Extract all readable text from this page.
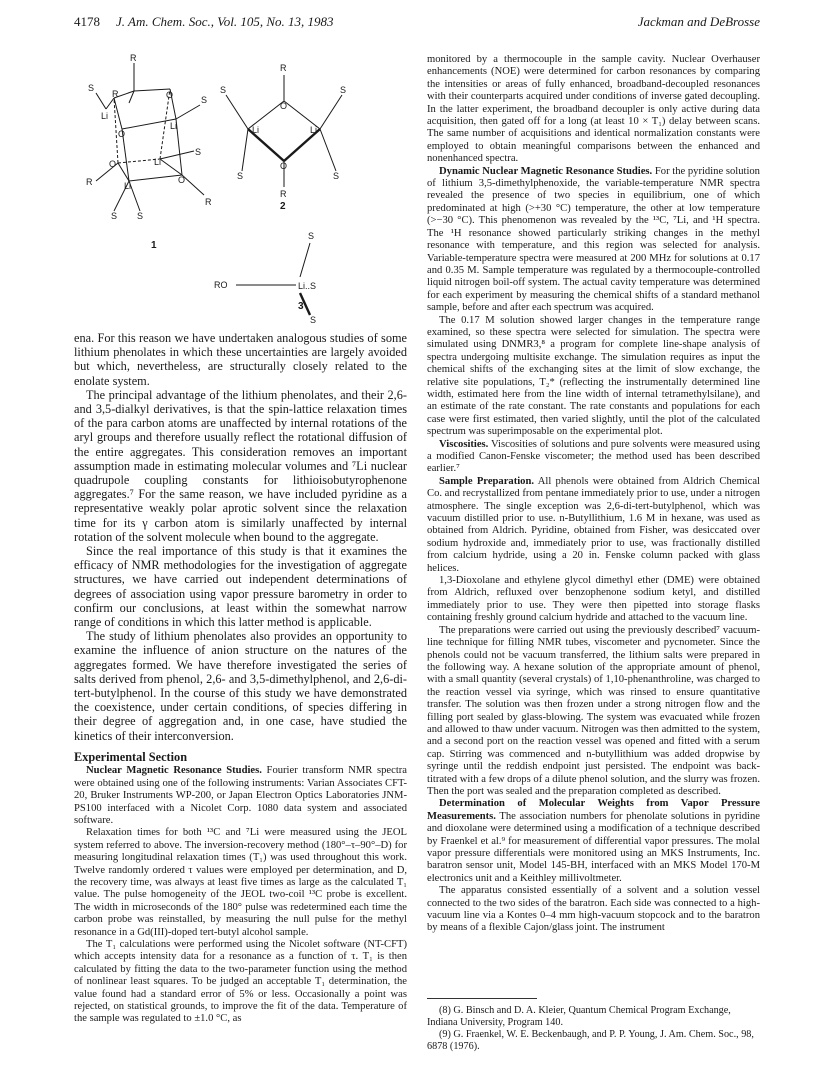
4178 J. Am. Chem. Soc., Vol. 105, No. 13, 1983	Jackman and DeBrosse
R
S
R
Li
O	S
Li
O
O	Li
S
R	Li
O
R
S
S
1
R
S	S
O
Li	Li
O
S	S
R
2
S
RO	Li..S
S
3

ena. For this reason we have undertaken analogous studies of some lithium phenolates in which these uncertainties are largely avoided but which, nevertheless, are structurally closely related to the enolate system.

The principal advantage of the lithium phenolates, and their 2,6- and 3,5-dialkyl derivatives, is that the spin-lattice relaxation times of the para carbon atoms are unaffected by internal rotations of the aryl groups and therefore usually reflect the rotational diffusion of the entire aggregates. This consideration removes an important assumption made in estimating molecular volumes and ⁷Li nuclear quadrupole coupling constants for lithioisobutyrophenone aggregates.⁷ For the same reason, we have included pyridine as a representative weakly polar aprotic solvent since the relaxation time for its γ carbon atom is similarly unaffected by internal rotation of the solvent molecule when bound to the aggregate.

Since the real importance of this study is that it examines the efficacy of NMR methodologies for the investigation of aggregate structures, we have carried out independent determinations of degrees of association using vapor pressure barometry in order to confirm our conclusions, at least within the somewhat narrow range of conditions in which this latter method is applicable.

The study of lithium phenolates also provides an opportunity to examine the influence of anion structure on the natures of the aggregates formed. We have therefore investigated the series of salts derived from phenol, 2,6- and 3,5-dimethylphenol, and 2,6-di-tert-butylphenol. In the course of this study we have demonstrated the coexistence, under certain conditions, of species differing in their degree of aggregation and, in one case, have studied the kinetics of their interconversion.

Experimental Section

Nuclear Magnetic Resonance Studies. Fourier transform NMR spectra were obtained using one of the following instruments: Varian Associates CFT-20, Bruker Instruments WP-200, or Japan Electron Optics Laboratories JNM-PS100 interfaced with a Nicolet Corp. 1080 data system and associated software.

Relaxation times for both ¹³C and ⁷Li were measured using the JEOL system referred to above. The inversion-recovery method (180°–τ–90°–D) for measuring longitudinal relaxation times (T₁) was used throughout this work. Twelve randomly ordered τ values were employed per determination, and D, the recovery time, was always at least five times as large as the calculated T₁ value. The pulse homogeneity of the JEOL two-coil ¹³C probe is excellent. The width in microseconds of the 180° pulse was redetermined each time the carbon probe was reinstalled, by measuring the null pulse for the methyl resonance in a Gd(III)-doped tert-butyl alcohol sample.

The T₁ calculations were performed using the Nicolet software (NT-CFT) which accepts intensity data for a resonance as a function of τ. T₁ is then calculated by fitting the data to the two-parameter function using the method of nonlinear least squares. To be judged an acceptable T₁ determination, the value found had a standard error of 5% or less. Occasionally a point was rejected, on statistical grounds, to improve the fit of the data. Temperature of the sample was regulated to ±1.0 °C, as

monitored by a thermocouple in the sample cavity. Nuclear Overhauser enhancements (NOE) were determined for carbon resonances by comparing the intensities or areas of fully enhanced, broadband-decoupled resonances with their counterparts acquired under conditions of inverse gated decoupling. In the latter experiment, the broadband decoupler is only active during data acquisition, then gated off for a long (at least 10 × T₁) delay between scans. The same number of acquisitions and identical normalization constants were employed to obtain meaningful comparisons between the enhanced and nonenhanced spectra.

Dynamic Nuclear Magnetic Resonance Studies. For the pyridine solution of lithium 3,5-dimethylphenoxide, the variable-temperature NMR spectra revealed the presence of two species in equilibrium, one of which predominated at high (>+30 °C) temperature, the other at low temperature (>−30 °C). This phenomenon was revealed by the ¹³C, ⁷Li, and ¹H spectra. The ¹H resonance showed particularly striking changes in the methyl resonance with temperature, and this region was selected for analysis. Variable-temperature spectra were measured at 200 MHz for solutions at 0.17 and 0.35 M. Sample temperature was regulated by a thermocouple-controlled liquid nitrogen boil-off system. The actual cavity temperature was determined for each experiment by measuring the chemical shifts of a standard methanol sample, before and after each spectrum was acquired.

The 0.17 M solution showed larger changes in the temperature range examined, so these spectra were selected for simulation. The spectra were simulated using DNMR3,⁸ a program for complete line-shape analysis of spectra undergoing multisite exchange. The simulation requires as input the chemical shifts of the exchanging sites at the limit of slow exchange, the relative site populations, T₂* (reflecting the instrumentally determined line width, estimated here from the line width of internal tetramethylsilane), and an estimate of the rate constant. The rate constants and populations for each case were first estimated, then varied slightly, until the plot of the calculated spectrum was superimposable on the experimental plot.

Viscosities. Viscosities of solutions and pure solvents were measured using a modified Canon-Fenske viscometer; the method used has been described earlier.⁷

Sample Preparation. All phenols were obtained from Aldrich Chemical Co. and recrystallized from pentane immediately prior to use, under a nitrogen atmosphere. The single exception was 2,6-di-tert-butylphenol, which was vacuum distilled prior to use. n-Butyllithium, 1.6 M in hexane, was used as obtained from Aldrich. Pyridine, obtained from Fisher, was desiccated over sodium hydroxide and, immediately prior to use, was fractionally distilled from calcium hydride, using a 20 in. Fenske column packed with glass helices.

1,3-Dioxolane and ethylene glycol dimethyl ether (DME) were obtained from Aldrich, refluxed over benzophenone sodium ketyl, and distilled immediately prior to use. They were then pipetted into storage flasks containing freshly ground calcium hydride and attached to the vacuum line.

The preparations were carried out using the previously described⁷ vacuum-line technique for filling NMR tubes, viscometer and pycnometer. Since the phenols could not be vacuum transferred, the lithium salts were prepared in the following way. A hexane solution of the appropriate amount of phenol, with a small quantity (several crystals) of 1,10-phenanthroline, was charged to the reaction vessel via syringe, which was rinsed to ensure quantitative transfer. The solution was then frozen under a strong nitrogen flow and the filling port sealed by glass-blowing. The system was evacuated while frozen and allowed to thaw under vacuum. Nitrogen was then admitted to the system, and a second port on the reaction vessel was opened and fitted with a serum cap. Stirring was commenced and n-butyllithium was added dropwise by syringe until the reddish endpoint just persisted. The endpoint was back-titrated with a few drops of a dilute phenol solution, and the slurry was frozen. Then the port was sealed and the preparation completed as described.

Determination of Molecular Weights from Vapor Pressure Measurements. The association numbers for phenolate solutions in pyridine and dioxolane were determined using a modification of a technique described by Fraenkel et al.⁹ for measurement of differential vapor pressures. The molal vapor pressure differentials were monitored using an MKS Instruments, Inc. baratron sensor unit, Model 145-BH, interfaced with an MKS Model 170-M electronics unit and a Keithley millivoltmeter.

The apparatus consisted essentially of a solvent and a solution vessel connected to the two sides of the baratron. Each side was connected to a high-vacuum line via a Kontes 0–4 mm high-vacuum stopcock and to the baratron by means of a flexible Cajon/glass joint. The instrument

(8) G. Binsch and D. A. Kleier, Quantum Chemical Program Exchange, Indiana University, Program 140.

(9) G. Fraenkel, W. E. Beckenbaugh, and P. P. Young, J. Am. Chem. Soc., 98, 6878 (1976).
